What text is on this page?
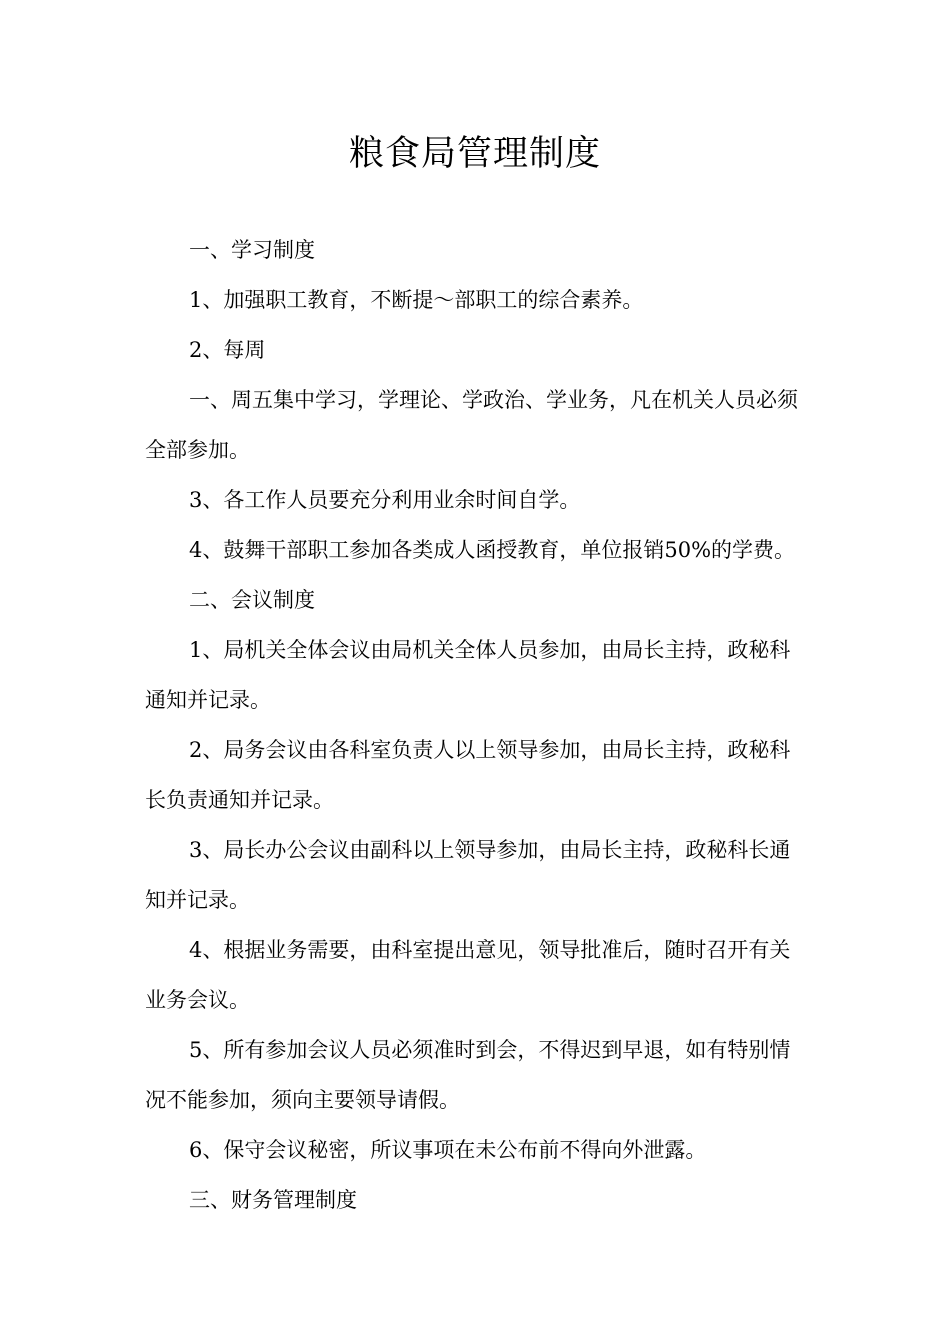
粮食局管理制度

一、学习制度

1、加强职工教育，不断提～部职工的综合素养。

2、每周

一、周五集中学习，学理论、学政治、学业务，凡在机关人员必须全部参加。

3、各工作人员要充分利用业余时间自学。

4、鼓舞干部职工参加各类成人函授教育，单位报销50%的学费。

二、会议制度

1、局机关全体会议由局机关全体人员参加，由局长主持，政秘科通知并记录。

2、局务会议由各科室负责人以上领导参加，由局长主持，政秘科长负责通知并记录。

3、局长办公会议由副科以上领导参加，由局长主持，政秘科长通知并记录。

4、根据业务需要，由科室提出意见，领导批准后，随时召开有关业务会议。

5、所有参加会议人员必须准时到会，不得迟到早退，如有特别情况不能参加，须向主要领导请假。

6、保守会议秘密，所议事项在未公布前不得向外泄露。

三、财务管理制度
